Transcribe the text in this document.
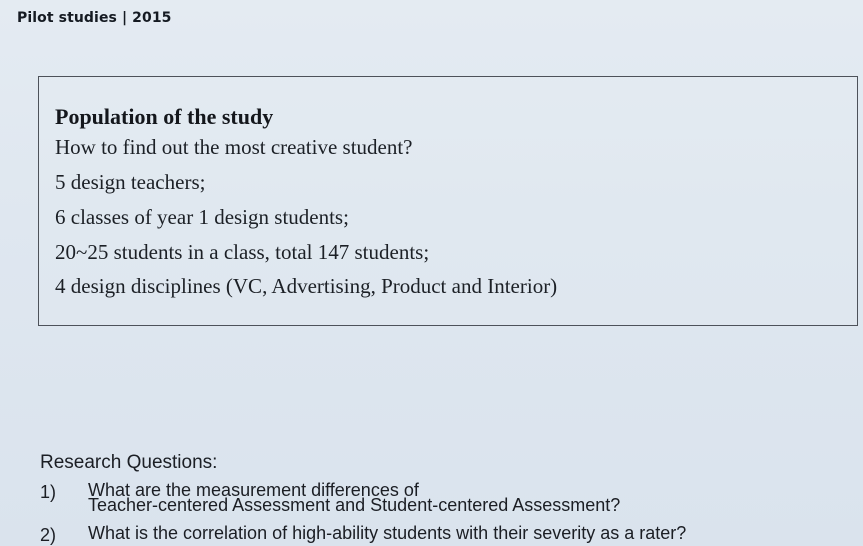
Pilot studies | 2015
Population of the study
How to find out the most creative student?
5 design teachers;
6 classes of year 1 design students;
20~25 students in a class, total 147 students;
4 design disciplines (VC, Advertising, Product and Interior)
Research Questions:
1) What are the measurement differences of
Teacher-centered Assessment and Student-centered Assessment?
2) What is the correlation of high-ability students with their severity as a rater?
